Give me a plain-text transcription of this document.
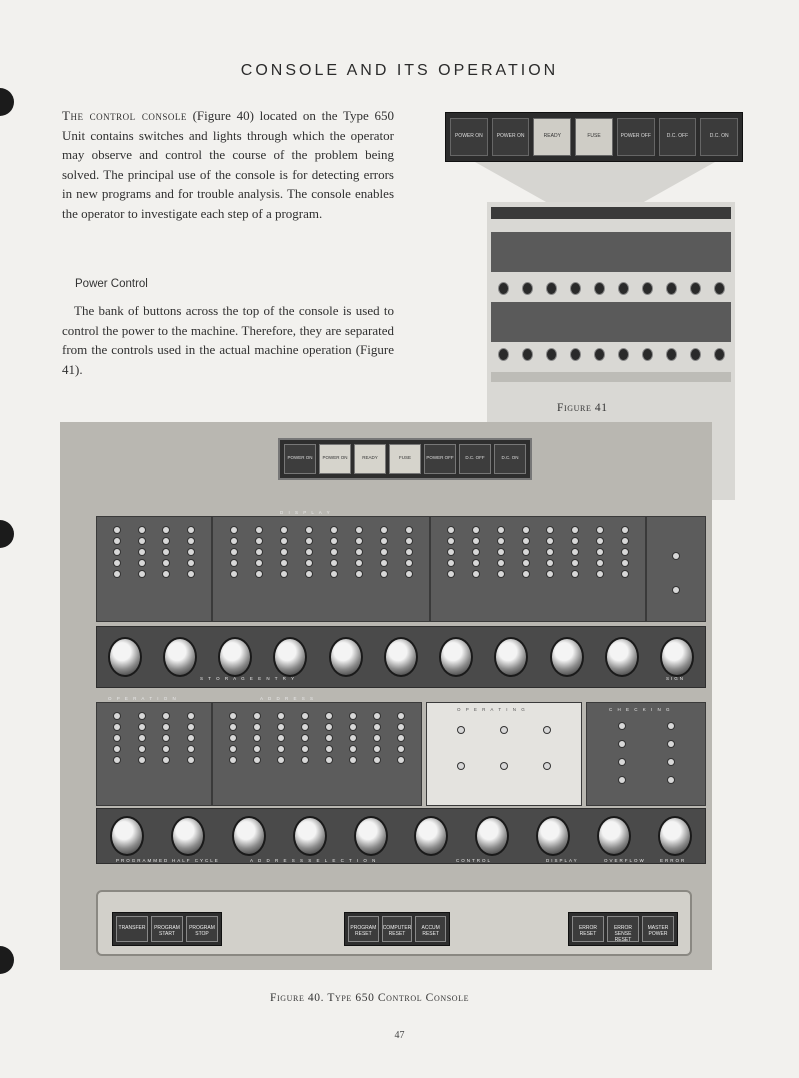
CONSOLE AND ITS OPERATION

The control console (Figure 40) located on the Type 650 Unit contains switches and lights through which the operator may observe and control the course of the problem being solved. The principal use of the console is for detecting errors in new programs and for trouble analysis. The console enables the operator to investigate each step of a program.

Power Control

The bank of buttons across the top of the console is used to control the power to the machine. Therefore, they are separated from the controls used in the actual machine operation (Figure 41).

POWER ON	POWER ON	READY	FUSE	POWER OFF	D.C. OFF	D.C. ON
Figure 41
POWER ON	POWER ON	READY	FUSE	POWER OFF	D.C. OFF	D.C. ON
D I S P L A Y
S T O R A G E E N T R Y	SIGN
O P E R A T I O N	A D D R E S S
O P E R A T I N G	C H E C K I N G
PROGRAMMED HALF CYCLE	A D D R E S S S E L E C T I O N	CONTROL	DISPLAY	OVERFLOW	ERROR
TRANSFER	PROGRAM START
PROGRAM STOP
PROGRAM RESET
COMPUTER RESET
ACCUM RESET
ERROR RESET
ERROR SENSE RESET
MASTER POWER
Figure 40. Type 650 Control Console
47
